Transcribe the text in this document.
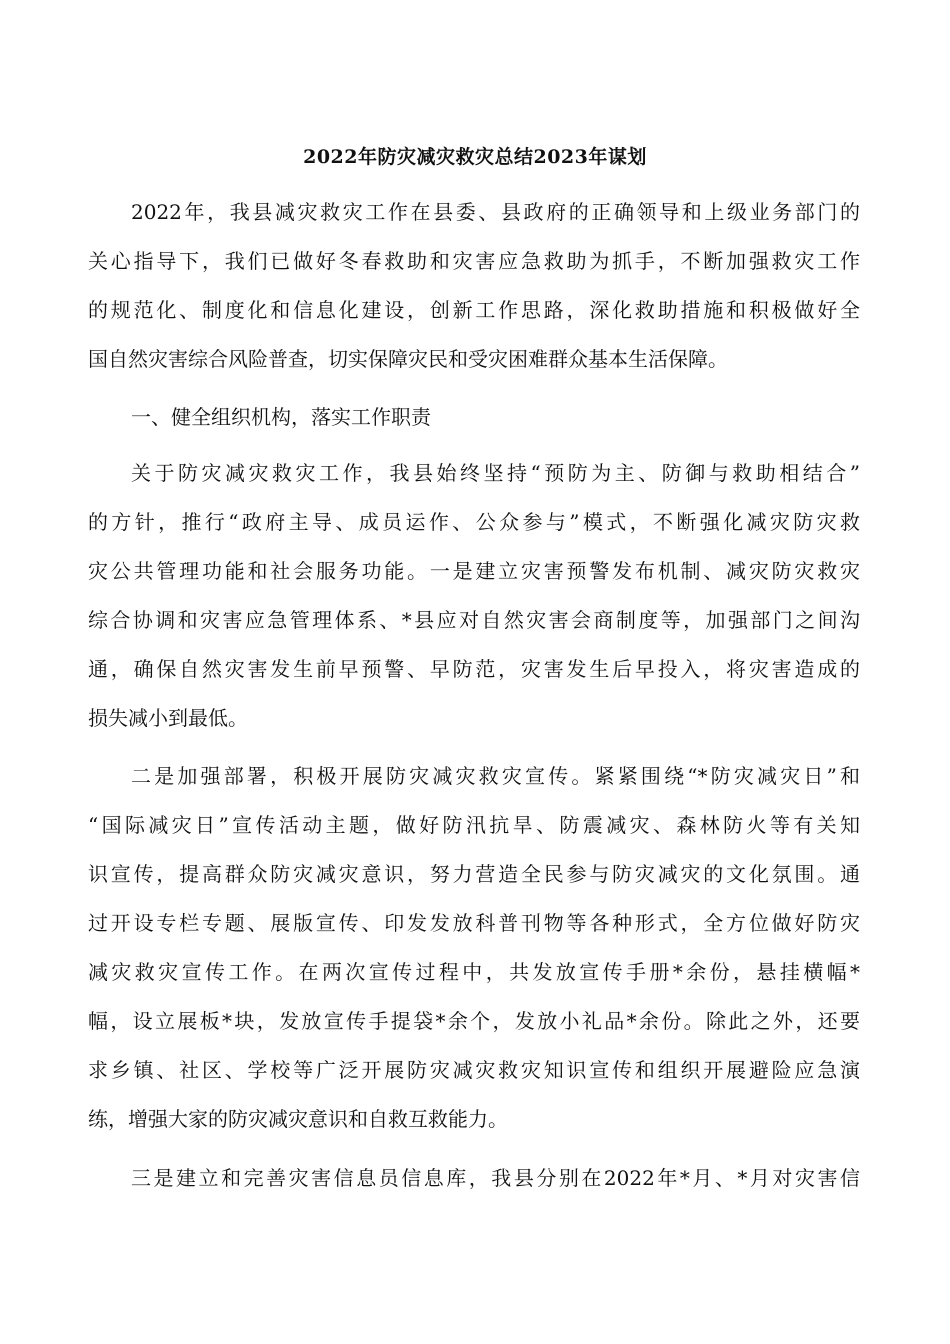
2022年防灾减灾救灾总结2023年谋划
2022年，我县减灾救灾工作在县委、县政府的正确领导和上级业务部门的
关心指导下，我们已做好冬春救助和灾害应急救助为抓手，不断加强救灾工作
的规范化、制度化和信息化建设，创新工作思路，深化救助措施和积极做好全
国自然灾害综合风险普查，切实保障灾民和受灾困难群众基本生活保障。
一、健全组织机构，落实工作职责
关于防灾减灾救灾工作，我县始终坚持“预防为主、防御与救助相结合”
的方针，推行“政府主导、成员运作、公众参与”模式，不断强化减灾防灾救
灾公共管理功能和社会服务功能。一是建立灾害预警发布机制、减灾防灾救灾
综合协调和灾害应急管理体系、*县应对自然灾害会商制度等，加强部门之间沟
通，确保自然灾害发生前早预警、早防范，灾害发生后早投入，将灾害造成的
损失减小到最低。
二是加强部署，积极开展防灾减灾救灾宣传。紧紧围绕“*防灾减灾日”和
“国际减灾日”宣传活动主题，做好防汛抗旱、防震减灾、森林防火等有关知
识宣传，提高群众防灾减灾意识，努力营造全民参与防灾减灾的文化氛围。通
过开设专栏专题、展版宣传、印发发放科普刊物等各种形式，全方位做好防灾
减灾救灾宣传工作。在两次宣传过程中，共发放宣传手册*余份，悬挂横幅*
幅，设立展板*块，发放宣传手提袋*余个，发放小礼品*余份。除此之外，还要
求乡镇、社区、学校等广泛开展防灾减灾救灾知识宣传和组织开展避险应急演
练，增强大家的防灾减灾意识和自救互救能力。
三是建立和完善灾害信息员信息库，我县分别在2022年*月、*月对灾害信
